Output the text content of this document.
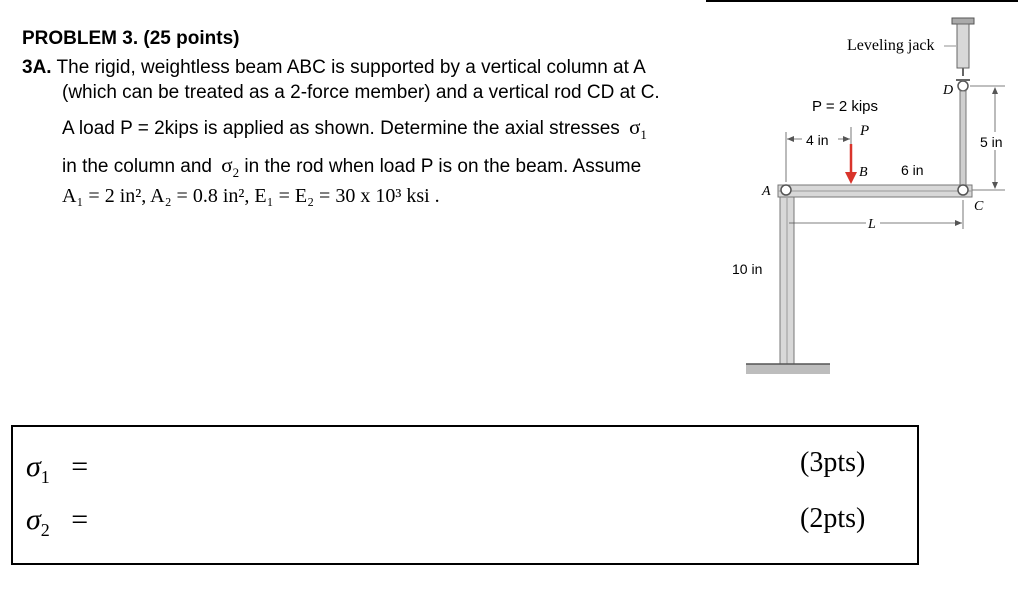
PROBLEM 3. (25 points)
3A. The rigid, weightless beam ABC is supported by a vertical column at A
(which can be treated as a 2-force member) and a vertical rod CD at C.
A load P = 2kips is applied as shown. Determine the axial stresses $\sigma_1$
in the column and $\sigma_2$ in the rod when load P is on the beam. Assume
A₁ = 2 in², A₂ = 0.8 in², E₁ = E₂ = 30 x 10³ ksi .
5 in
4 in
P
P = 2 kips
B 6 in
L
A
C
D
Leveling jack
10 in
$\sigma_1$ =
$\sigma_2$ =
(3pts)
(2pts)
